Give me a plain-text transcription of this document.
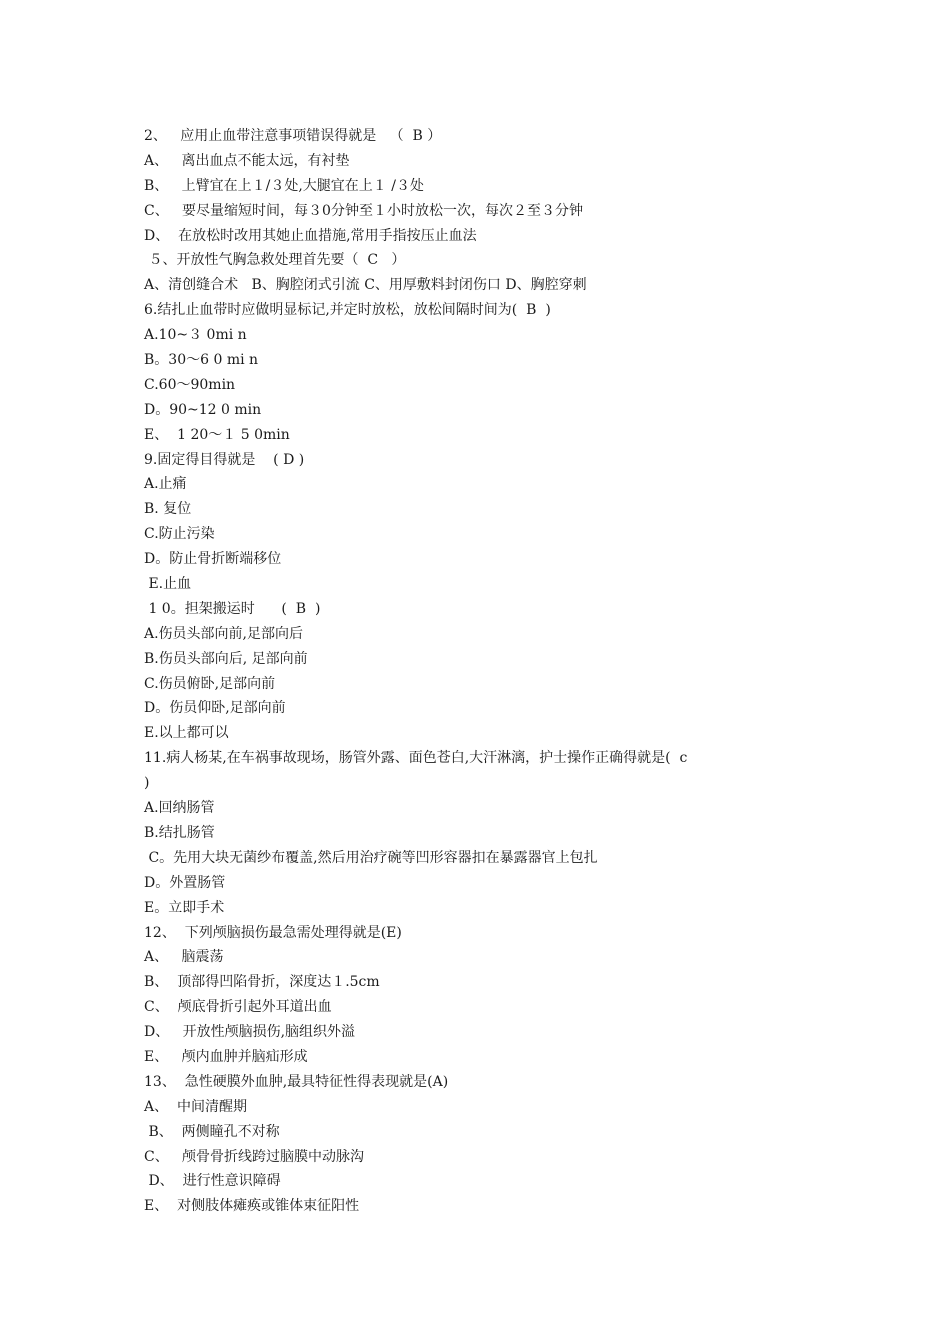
2、   应用止血带注意事项错误得就是   （  B ）
A、   离出血点不能太远，有衬垫
B、   上臂宜在上１/３处,大腿宜在上１ /３处
C、   要尽量缩短时间，每３0分钟至１小时放松一次，每次２至３分钟
D、  在放松时改用其她止血措施,常用手指按压止血法
５、开放性气胸急救处理首先要（  C   ）
A、清创缝合术   B、胸腔闭式引流 C、用厚敷料封闭伤口 D、胸腔穿刺
6.结扎止血带时应做明显标记,并定时放松，放松间隔时间为(  B  )
A.10~３ 0mi n
B。30～6 0 mi n
C.60～90min
D。90~12 0 min
E、  1 20～１ 5 0min
9.固定得目得就是    ( D )
A.止痛
B. 复位
C.防止污染
D。防止骨折断端移位
E.止血
1 0。担架搬运时      (  B  )
A.伤员头部向前,足部向后
B.伤员头部向后, 足部向前
C.伤员俯卧,足部向前
D。伤员仰卧,足部向前
E.以上都可以
11.病人杨某,在车祸事故现场，肠管外露、面色苍白,大汗淋漓，护士操作正确得就是(  c
)
A.回纳肠管
B.结扎肠管
C。先用大块无菌纱布覆盖,然后用治疗碗等凹形容器扣在暴露器官上包扎
D。外置肠管
E。立即手术
12、  下列颅脑损伤最急需处理得就是(E)
A、   脑震荡
B、  顶部得凹陷骨折，深度达１.5cm
C、  颅底骨折引起外耳道出血
D、   开放性颅脑损伤,脑组织外溢
E、   颅内血肿并脑疝形成
13、  急性硬膜外血肿,最具特征性得表现就是(A)
A、  中间清醒期
B、  两侧瞳孔不对称
C、   颅骨骨折线跨过脑膜中动脉沟
D、  进行性意识障碍
E、  对侧肢体瘫痪或锥体束征阳性
